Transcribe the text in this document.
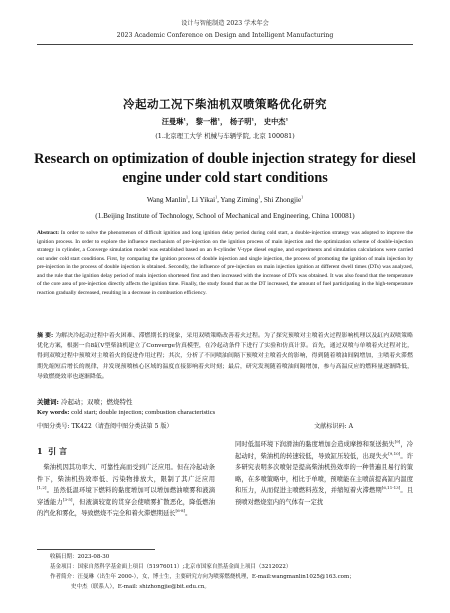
设计与智能制造 2023 学术年会
2023 Academic Conference on Design and Intelligent Manufacturing
冷起动工况下柴油机双喷策略优化研究
汪曼琳$^1$， 黎一楷$^1$， 杨子明$^1$， 史中杰$^1$
(1.北京理工大学 机械与车辆学院, 北京 100081)
Research on optimization of double injection strategy for diesel engine under cold start conditions
Wang Manlin$^1$, Li Yikai$^1$, Yang Ziming$^1$, Shi Zhongjie$^1$
(1.Beijing Institute of Technology, School of Mechanical and Engineering, China 100081)
Abstract: In order to solve the phenomenon of difficult ignition and long ignition delay period during cold start, a double-injection strategy was adopted to improve the ignition process. In order to explore the influence mechanism of pre-injection on the ignition process of main injection and the optimization scheme of double-injection strategy in cylinder, a Converge simulation model was established based on an 8-cylinder V-type diesel engine, and experiments and simulation calculations were carried out under cold start conditions. First, by comparing the ignition process of double injection and single injection, the process of promoting the ignition of main injection by pre-injection in the process of double injection is obtained. Secondly, the influence of pre-injection on main injection ignition at different dwell times (DTs) was analyzed, and the rule that the ignition delay period of main injection shortened first and then increased with the increase of DTs was obtained. It was also found that the temperature of the core area of pre-injection directly affects the ignition time. Finally, the study found that as the DT increased, the amount of fuel participating in the high-temperature reaction gradually decreased, resulting in a decrease in combustion efficiency.
摘 要: 为解决冷起动过程中着火困难、滞燃期长的现象，采用双喷策略改善着火过程。为了探究预喷对主喷着火过程影响机理以及缸内双喷策略优化方案，根据一台8缸V型柴油机建立了Converge仿真模型，在冷起动条件下进行了实验和仿真计算。首先，通过双喷与单喷着火过程对比，得到双喷过程中预喷对主喷着火的促进作用过程；其次，分析了不同喷油间隔下预喷对主喷着火的影响，得到随着喷油间隔增加，主喷着火滞燃期先缩短后增长的规律，并发现预喷核心区域的温度直接影响着火时刻；最后，研究发现随着喷油间隔增加，参与高温反应的燃料量逐渐降低，导致燃烧效率也逐渐降低。
关键词: 冷起动；双喷；燃烧特性
Key words: cold start; double injection; combustion characteristics
中图分类号: TK422（请查阅中图分类法第 5 版）	文献标识码: A
1 引 言
 柴油机因其功率大、可靠性高而受到广泛应用。但在冷起动条件下，柴油机热效率低、污染物排放大，限制了其广泛应用[1,2]。虽然低温环境下燃料的黏度增加可以增加燃油喷雾和液滴穿透能力[3-5]，但液滴较宽的贯穿会使喷雾扩散恶化，降低燃油的汽化和雾化，导致燃烧不完全和着火滞燃期延长[6-8]。
同时低温环境下润滑油的黏度增加会造成摩擦和泵送损失[9]，冷起动时，柴油机的转速较低，导致缸压较低，出现失火[9,10]。许多研究表明多次喷射是提高柴油机热效率的一种普遍且易行的策略，在多喷策略中，相比于单喷，预喷能在主喷前提高缸内温度和压力，从而促进主喷燃料蒸发，并缩短着火滞燃期[6,11-13]。且预喷对燃烧室内的气体有一定扰
收稿日期：2023-08-30
基金项目：国家自然科学基金面上项目（51976011）;北京市国家自然基金面上项目（3212022）
作者简介：汪曼琳（出生年 2000-），女，博士生，主要研究方向为喷雾燃烧机理，E-mail:wangmanlin1025@163.com；
史中杰（联系人），E-mail: shizhongjie@bit.edu.cn。
